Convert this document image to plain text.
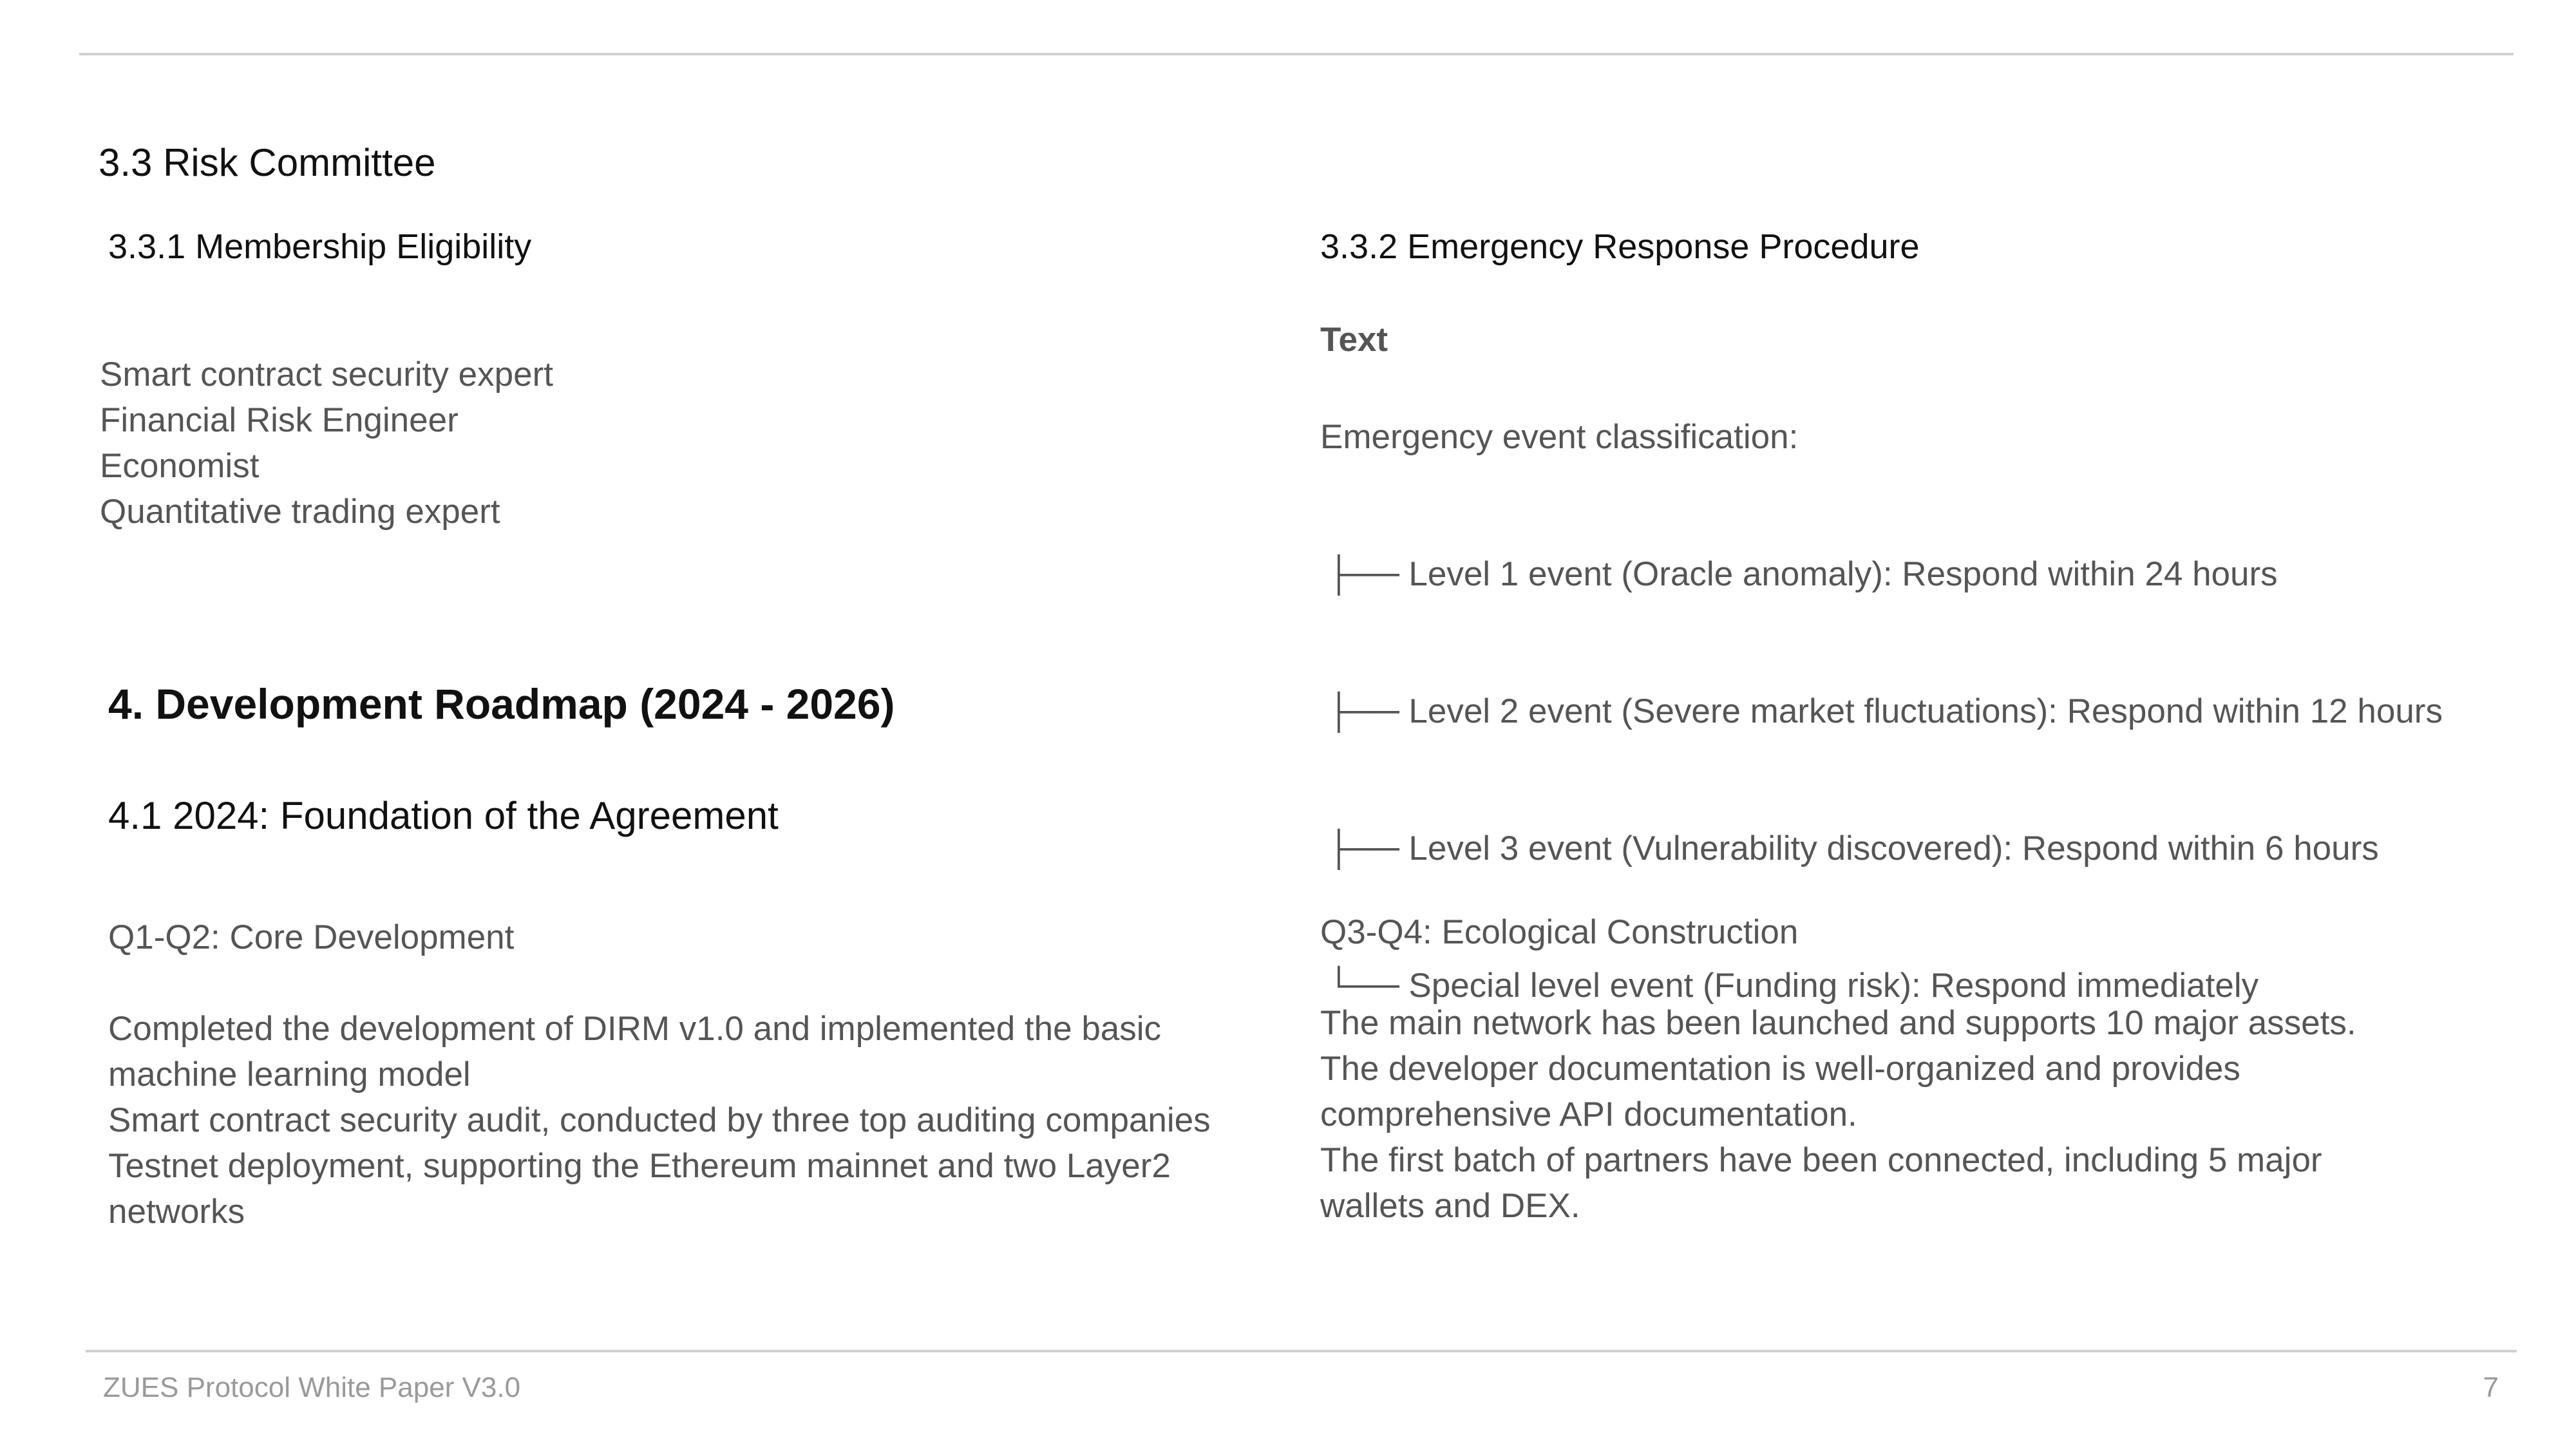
3.3 Risk Committee
3.3.1 Membership Eligibility
Smart contract security expert
Financial Risk Engineer
Economist
Quantitative trading expert
3.3.2 Emergency Response Procedure
Text
Emergency event classification:

├── Level 1 event (Oracle anomaly): Respond within 24 hours

├── Level 2 event (Severe market fluctuations): Respond within 12 hours

├── Level 3 event (Vulnerability discovered): Respond within 6 hours

└── Special level event (Funding risk): Respond immediately

4. Development Roadmap (2024 - 2026)
4.1 2024: Foundation of the Agreement
Q1-Q2: Core Development
Completed the development of DIRM v1.0 and implemented the basic
machine learning model
Smart contract security audit, conducted by three top auditing companies
Testnet deployment, supporting the Ethereum mainnet and two Layer2
networks
Q3-Q4: Ecological Construction
The main network has been launched and supports 10 major assets.
The developer documentation is well-organized and provides
comprehensive API documentation.
The first batch of partners have been connected, including 5 major
wallets and DEX.
ZUES Protocol White Paper V3.0	7
